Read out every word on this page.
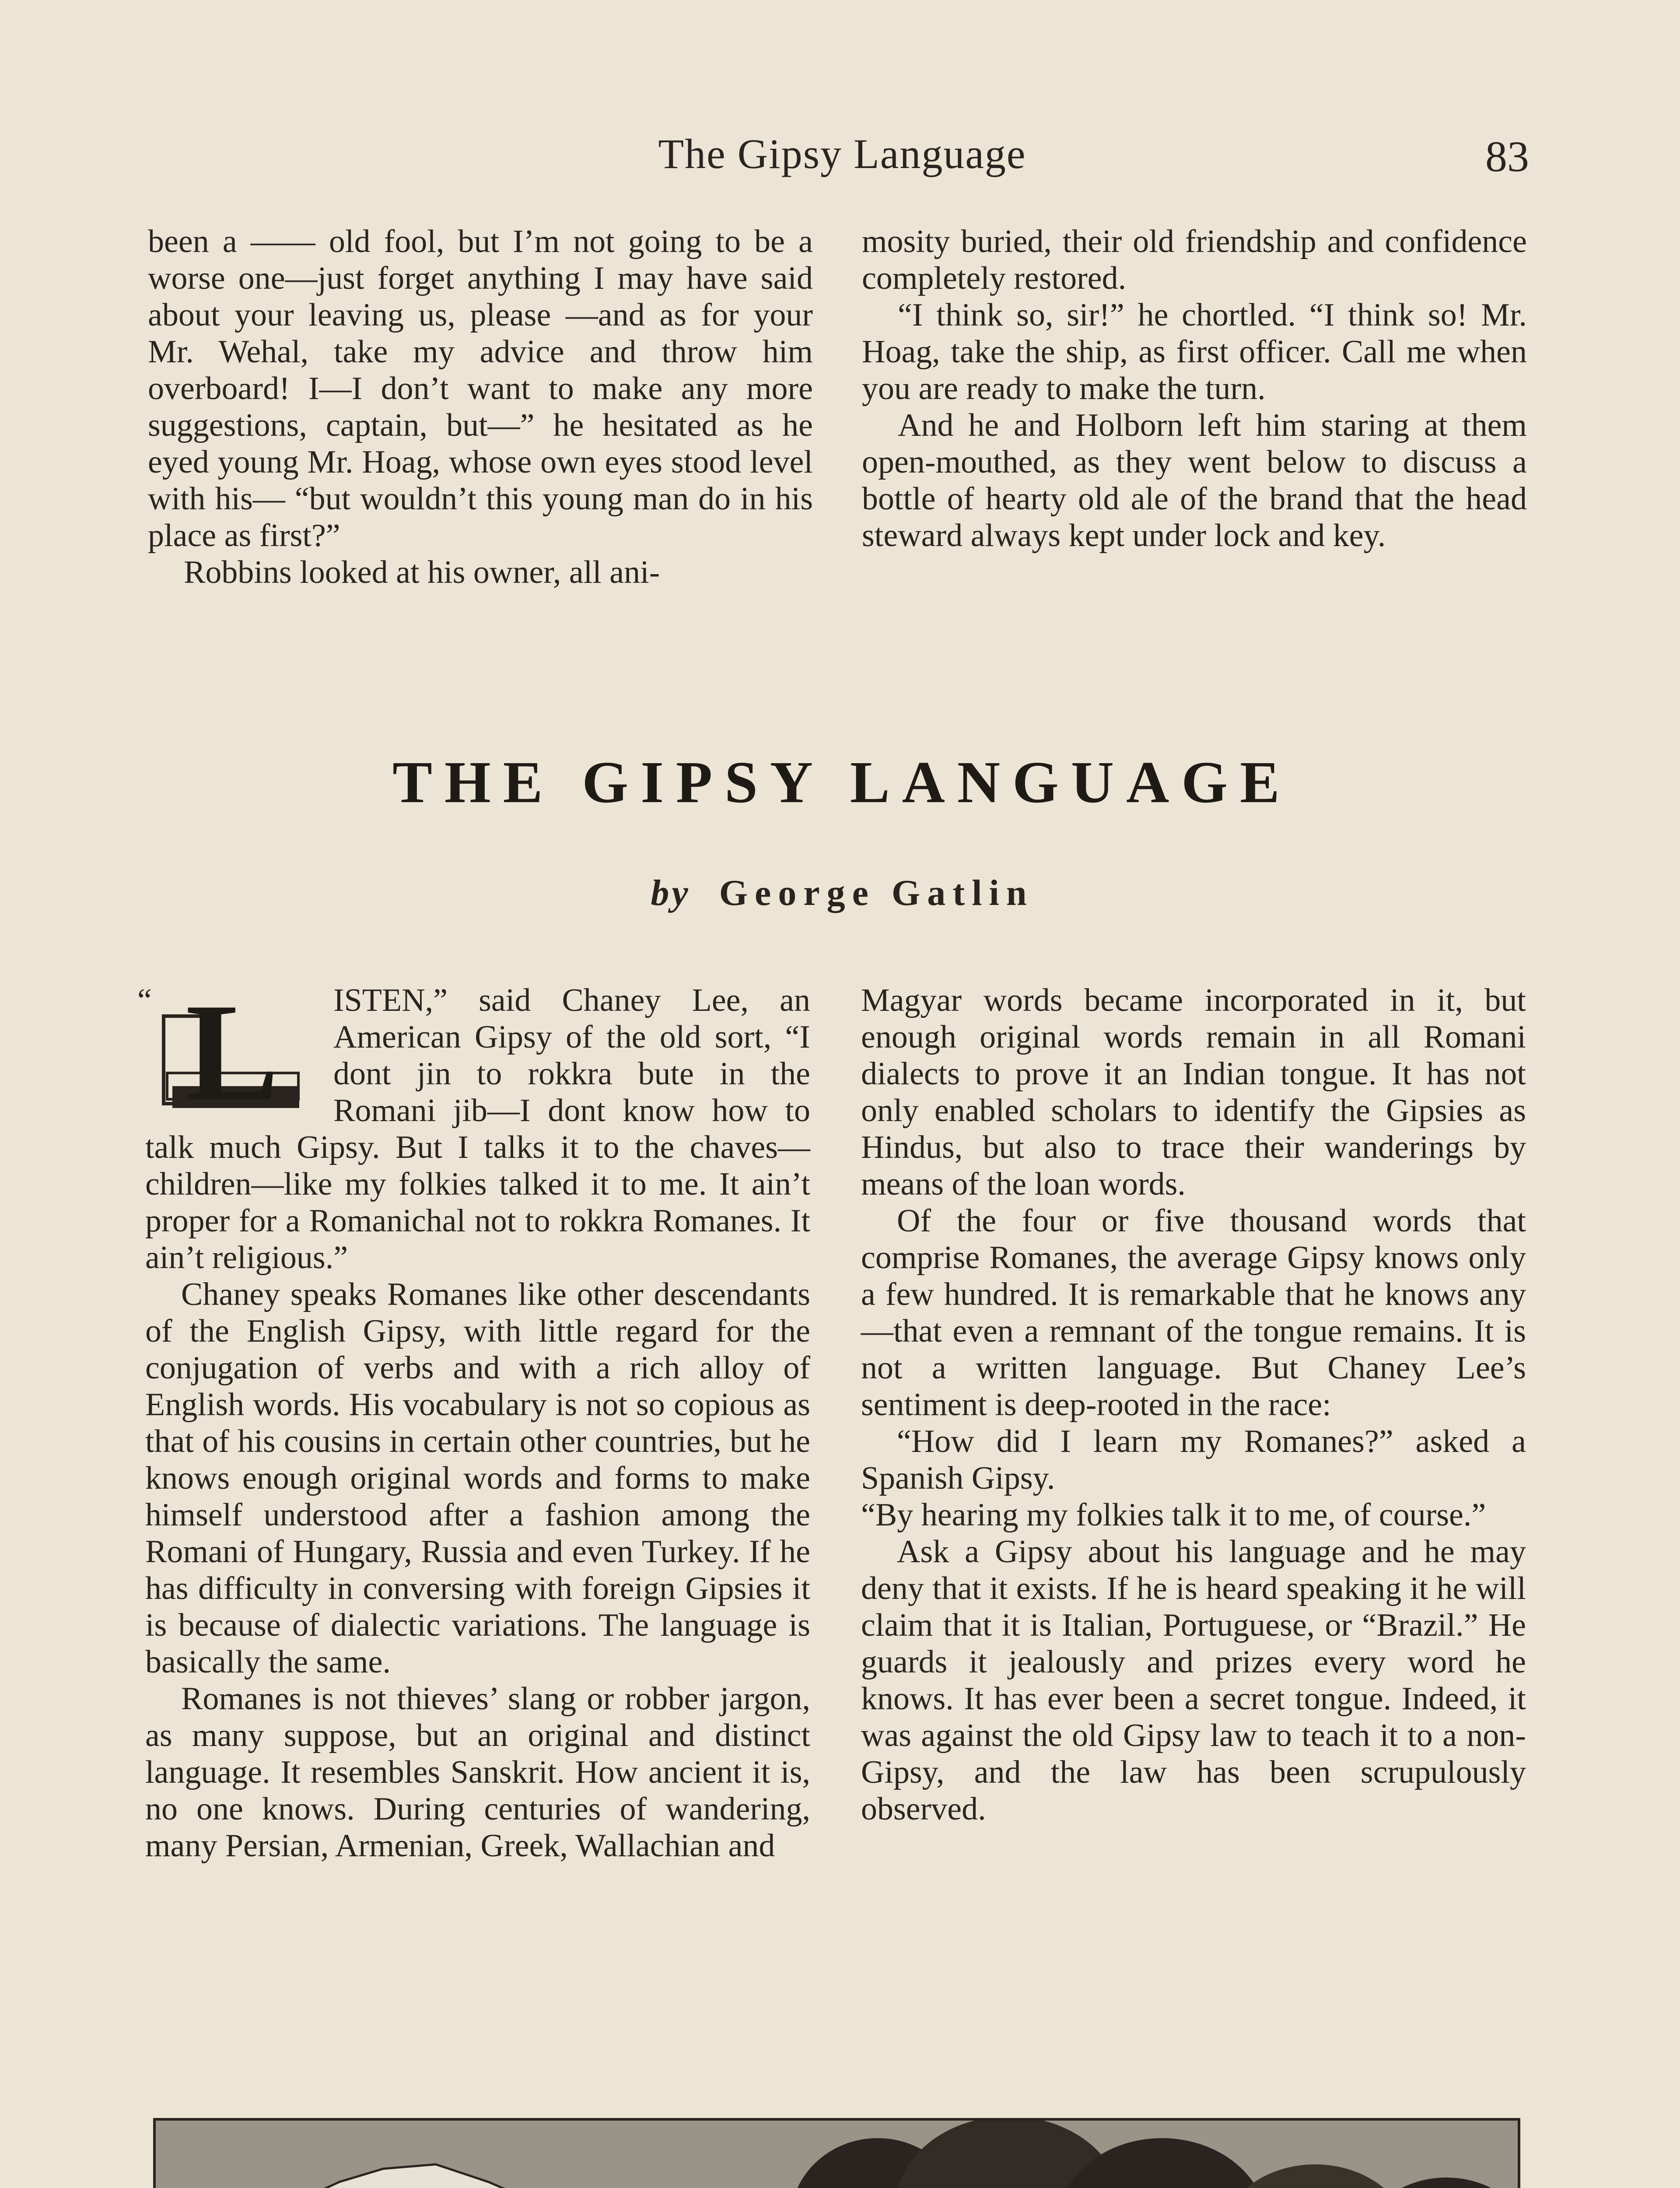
The Gipsy Language	83

been a —— old fool, but I’m not going to be a worse one—just forget anything I may have said about your leaving us, please —and as for your Mr. Wehal, take my advice and throw him overboard! I—I don’t want to make any more suggestions, captain, but—” he hesitated as he eyed young Mr. Hoag, whose own eyes stood level with his— “but wouldn’t this young man do in his place as first?”

Robbins looked at his owner, all ani-

mosity buried, their old friendship and confidence completely restored.

“I think so, sir!” he chortled. “I think so! Mr. Hoag, take the ship, as first officer. Call me when you are ready to make the turn.

And he and Holborn left him staring at them open-mouthed, as they went below to discuss a bottle of hearty old ale of the brand that the head steward always kept under lock and key.

THE GIPSY LANGUAGE
by George Gatlin
“ L	ISTEN,” said Chaney Lee, an American Gipsy of the old sort, “I dont jin to rokkra bute in the Romani jib—I dont know how to talk much Gipsy. But I talks it to the chaves—children—like my folkies talked it to me. It ain’t proper for a Romanichal not to rokkra Romanes. It ain’t religious.”

Chaney speaks Romanes like other descendants of the English Gipsy, with little regard for the conjugation of verbs and with a rich alloy of English words. His vocabulary is not so copious as that of his cousins in certain other countries, but he knows enough original words and forms to make himself understood after a fashion among the Romani of Hungary, Russia and even Turkey. If he has difficulty in conversing with foreign Gipsies it is because of dialectic variations. The language is basically the same.

Romanes is not thieves’ slang or robber jargon, as many suppose, but an original and distinct language. It resembles Sanskrit. How ancient it is, no one knows. During centuries of wandering, many Persian, Armenian, Greek, Wallachian and

Magyar words became incorporated in it, but enough original words remain in all Romani dialects to prove it an Indian tongue. It has not only enabled scholars to identify the Gipsies as Hindus, but also to trace their wanderings by means of the loan words.

Of the four or five thousand words that comprise Romanes, the average Gipsy knows only a few hundred. It is remarkable that he knows any—that even a remnant of the tongue remains. It is not a written language. But Chaney Lee’s sentiment is deep-rooted in the race:

“How did I learn my Romanes?” asked a Spanish Gipsy.

“By hearing my folkies talk it to me, of course.”

Ask a Gipsy about his language and he may deny that it exists. If he is heard speaking it he will claim that it is Italian, Portuguese, or “Brazil.” He guards it jealously and prizes every word he knows. It has ever been a secret tongue. Indeed, it was against the old Gipsy law to teach it to a non-Gipsy, and the law has been scrupulously observed.
